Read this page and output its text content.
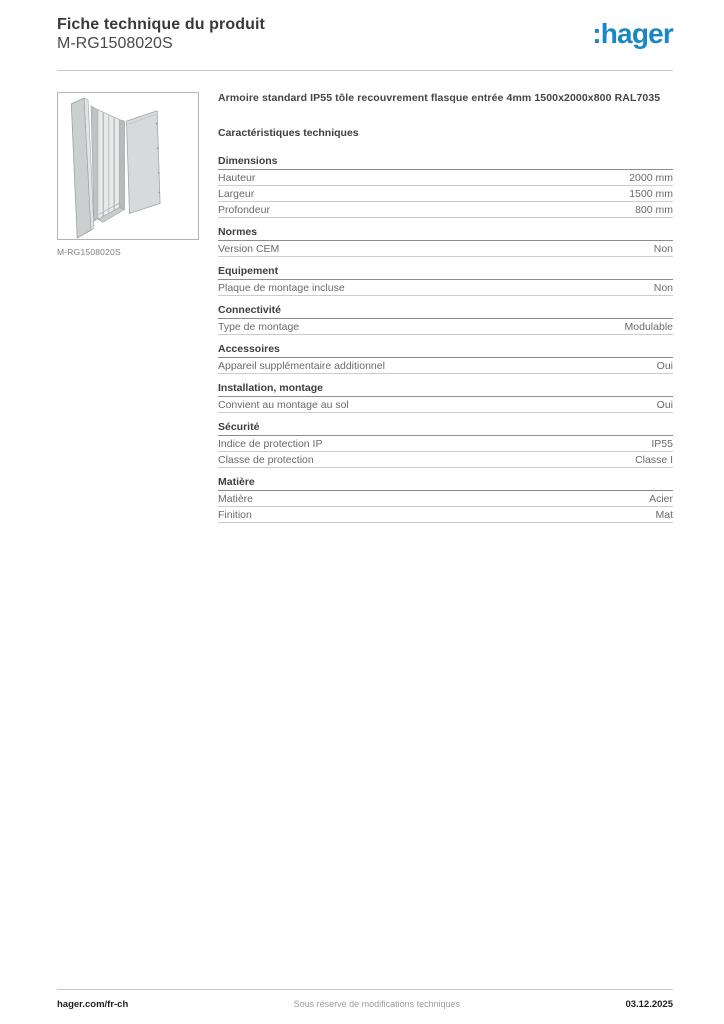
Fiche technique du produit
M-RG1508020S	:hager
M-RG1508020S

Armoire standard IP55 tôle recouvrement flasque entrée 4mm 1500x2000x800 RAL7035

Caractéristiques techniques
Dimensions
Hauteur	2000 mm
Largeur	1500 mm
Profondeur	800 mm
Normes
Version CEM	Non
Equipement
Plaque de montage incluse	Non
Connectivité
Type de montage	Modulable
Accessoires
Appareil supplémentaire additionnel	Oui
Installation, montage
Convient au montage au sol	Oui
Sécurité
Indice de protection IP	IP55
Classe de protection	Classe I
Matière
Matière	Acier
Finition	Mat
hager.com/fr-ch	Sous réserve de modifications techniques	03.12.2025
